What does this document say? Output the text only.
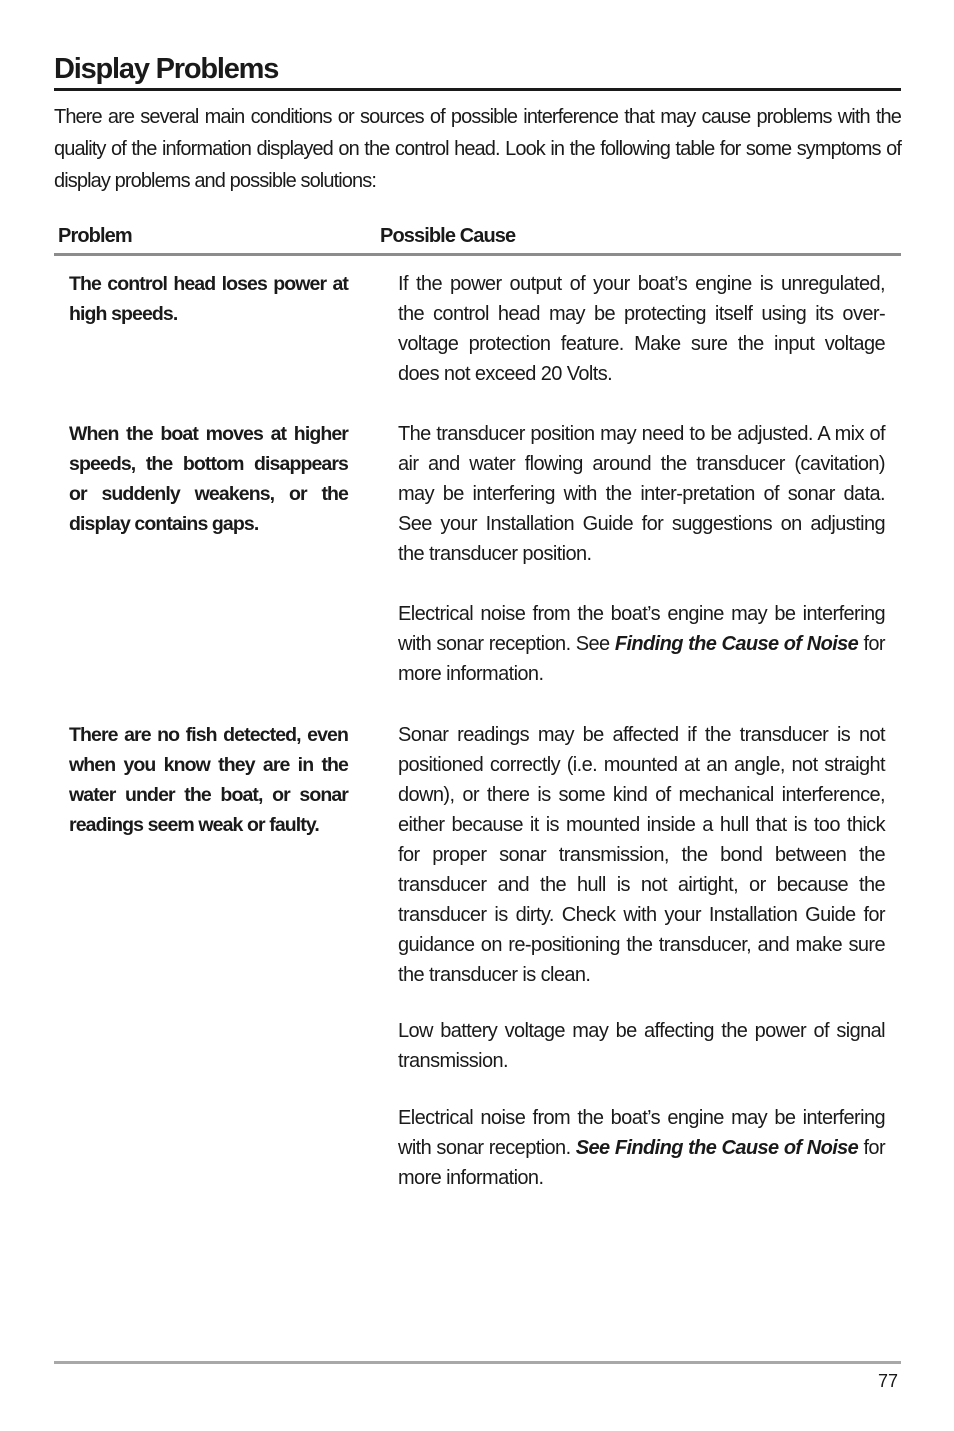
Display Problems

There are several main conditions or sources of possible interference that may cause problems with the quality of the information displayed on the control head. Look in the following table for some symptoms of display problems and possible solutions:

Problem	Possible Cause

The control head loses power at high speeds.

If the power output of your boat’s engine is unregulated, the control head may be protecting itself using its over-voltage protection feature. Make sure the input voltage does not exceed 20 Volts.

When the boat moves at higher speeds, the bottom disappears or suddenly weakens, or the display contains gaps.

The transducer position may need to be adjusted. A mix of air and water flowing around the transducer (cavitation) may be interfering with the inter-pretation of sonar data. See your Installation Guide for suggestions on adjusting the transducer position.

Electrical noise from the boat’s engine may be interfering with sonar reception. See Finding the Cause of Noise for more information.

There are no fish detected, even when you know they are in the water under the boat, or sonar readings seem weak or faulty.

Sonar readings may be affected if the transducer is not positioned correctly (i.e. mounted at an angle, not straight down), or there is some kind of mechanical interference, either because it is mounted inside a hull that is too thick for proper sonar transmission, the bond between the transducer and the hull is not airtight, or because the transducer is dirty. Check with your Installation Guide for guidance on re-positioning the transducer, and make sure the transducer is clean.

Low battery voltage may be affecting the power of signal transmission.

Electrical noise from the boat’s engine may be interfering with sonar reception. See Finding the Cause of Noise for more information.

77
